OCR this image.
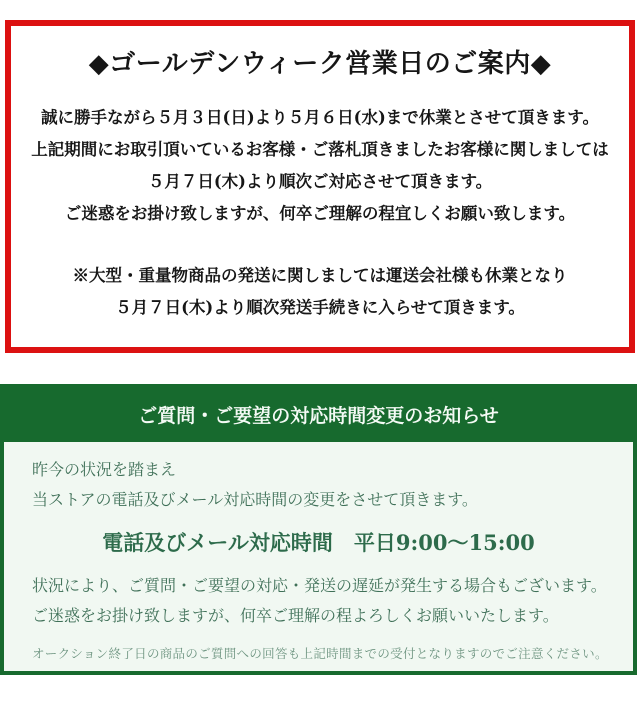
◆ゴールデンウィーク営業日のご案内◆
誠に勝手ながら５月３日(日)より５月６日(水)まで休業とさせて頂きます。
上記期間にお取引頂いているお客様・ご落札頂きましたお客様に関しましては
５月７日(木)より順次ご対応させて頂きます。
ご迷惑をお掛け致しますが、何卒ご理解の程宜しくお願い致します。
※大型・重量物商品の発送に関しましては運送会社様も休業となり
５月７日(木)より順次発送手続きに入らせて頂きます。
ご質問・ご要望の対応時間変更のお知らせ
昨今の状況を踏まえ
当ストアの電話及びメール対応時間の変更をさせて頂きます。
電話及びメール対応時間 平日9:00～15:00
状況により、ご質問・ご要望の対応・発送の遅延が発生する場合もございます。
ご迷惑をお掛け致しますが、何卒ご理解の程よろしくお願いいたします。
オークション終了日の商品のご質問への回答も上記時間までの受付となりますのでご注意ください。
